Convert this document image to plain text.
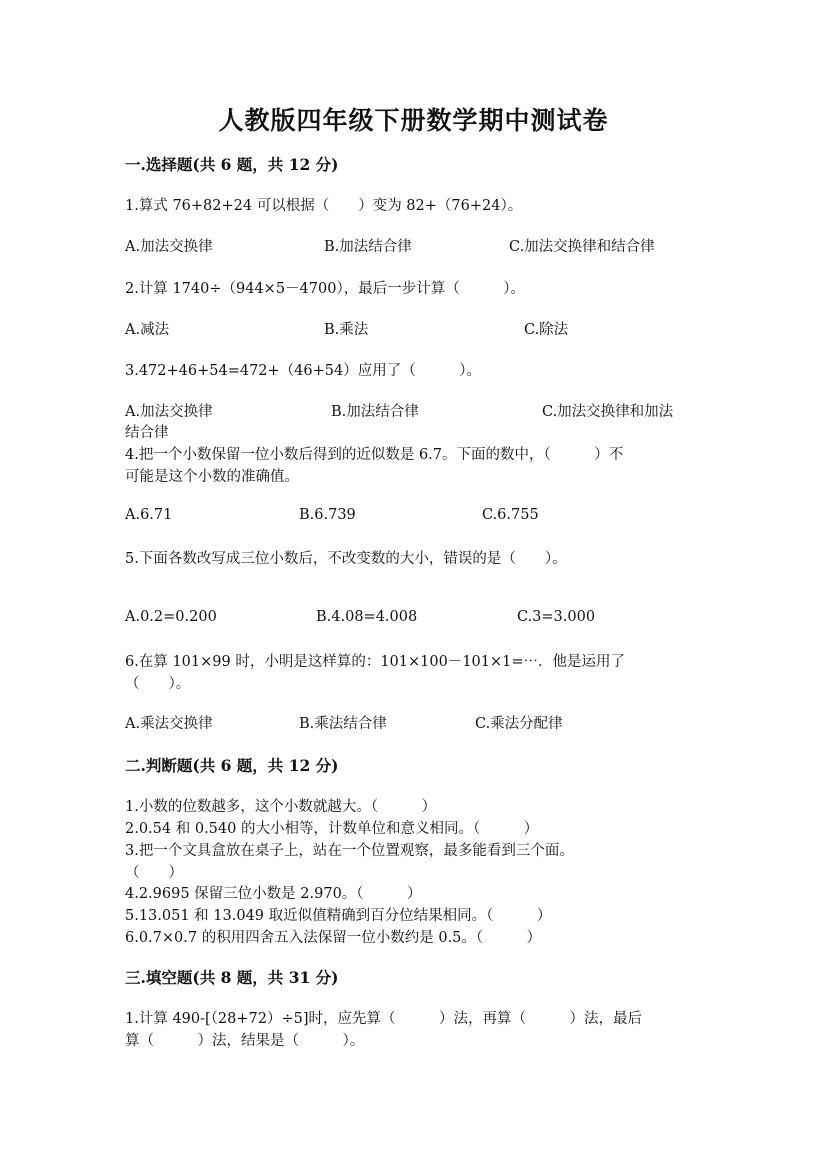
人教版四年级下册数学期中测试卷
一.选择题(共 6 题，共 12 分)
1.算式 76+82+24 可以根据（　　）变为 82+（76+24）。
A.加法交换律	B.加法结合律	C.加法交换律和结合律
2.计算 1740÷（944×5－4700），最后一步计算（　　　）。
A.减法	B.乘法	C.除法
3.472+46+54=472+（46+54）应用了（　　　）。
A.加法交换律	B.加法结合律	C.加法交换律和加法
结合律
4.把一个小数保留一位小数后得到的近似数是 6.7。下面的数中，（　　　）不
可能是这个小数的准确值。
A.6.71	B.6.739	C.6.755
5.下面各数改写成三位小数后，不改变数的大小，错误的是（　　）。
A.0.2=0.200	B.4.08=4.008	C.3=3.000
6.在算 101×99 时，小明是这样算的：101×100－101×1=⋯．他是运用了
（　　）。
A.乘法交换律	B.乘法结合律	C.乘法分配律
二.判断题(共 6 题，共 12 分)
1.小数的位数越多，这个小数就越大。（　　　）
2.0.54 和 0.540 的大小相等，计数单位和意义相同。（　　　）
3.把一个文具盒放在桌子上，站在一个位置观察，最多能看到三个面。
（　　）
4.2.9695 保留三位小数是 2.970。（　　　）
5.13.051 和 13.049 取近似值精确到百分位结果相同。（　　　）
6.0.7×0.7 的积用四舍五入法保留一位小数约是 0.5。（　　　）
三.填空题(共 8 题，共 31 分)
1.计算 490-[（28+72）÷5]时，应先算（　　　）法，再算（　　　）法，最后
算（　　　）法，结果是（　　　）。
